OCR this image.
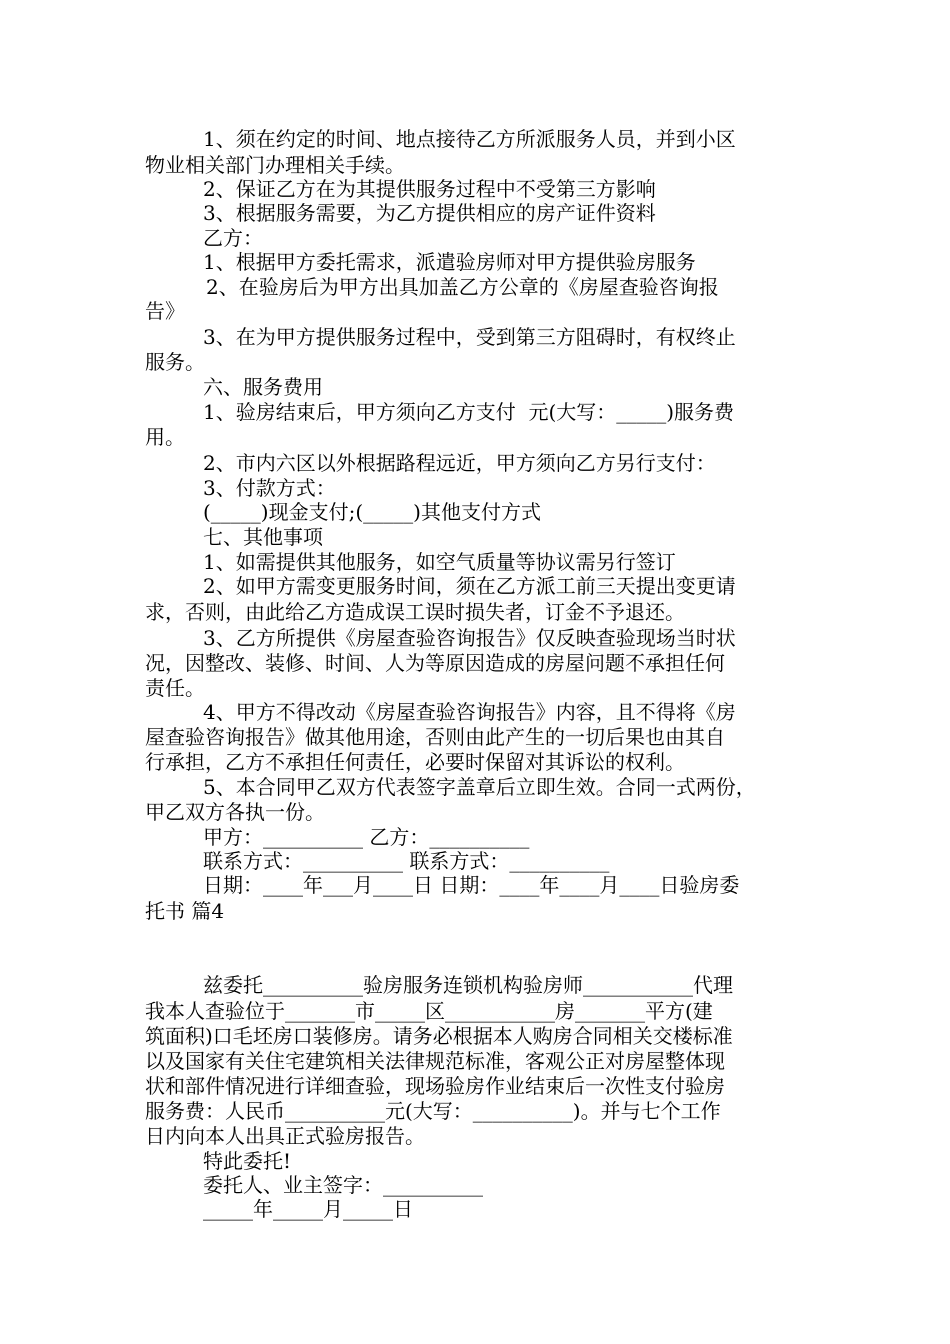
1、须在约定的时间、地点接待乙方所派服务人员，并到小区
物业相关部门办理相关手续。
2、保证乙方在为其提供服务过程中不受第三方影响
3、根据服务需要，为乙方提供相应的房产证件资料
乙方：
1、根据甲方委托需求，派遣验房师对甲方提供验房服务
2、在验房后为甲方出具加盖乙方公章的《房屋查验咨询报
告》
3、在为甲方提供服务过程中，受到第三方阻碍时，有权终止
服务。
六、服务费用
1、验房结束后，甲方须向乙方支付  元(大写：_____)服务费
用。
2、市内六区以外根据路程远近，甲方须向乙方另行支付：
3、付款方式：
(_____)现金支付;(_____)其他支付方式
七、其他事项
1、如需提供其他服务，如空气质量等协议需另行签订
2、如甲方需变更服务时间，须在乙方派工前三天提出变更请
求，否则，由此给乙方造成误工误时损失者，订金不予退还。
3、乙方所提供《房屋查验咨询报告》仅反映查验现场当时状
况，因整改、装修、时间、人为等原因造成的房屋问题不承担任何
责任。
4、甲方不得改动《房屋查验咨询报告》内容，且不得将《房
屋查验咨询报告》做其他用途，否则由此产生的一切后果也由其自
行承担，乙方不承担任何责任，必要时保留对其诉讼的权利。
5、本合同甲乙双方代表签字盖章后立即生效。合同一式两份，
甲乙双方各执一份。
甲方：__________ 乙方：__________
联系方式：__________ 联系方式：__________
日期：____年___月____日 日期：____年____月____日验房委
托书 篇4
兹委托__________验房服务连锁机构验房师___________代理
我本人查验位于_______市_____区___________房_______平方(建
筑面积)口毛坯房口装修房。请务必根据本人购房合同相关交楼标准
以及国家有关住宅建筑相关法律规范标准，客观公正对房屋整体现
状和部件情况进行详细查验，现场验房作业结束后一次性支付验房
服务费：人民币__________元(大写：__________)。并与七个工作
日内向本人出具正式验房报告。
特此委托!
委托人、业主签字：__________
_____年_____月_____日
